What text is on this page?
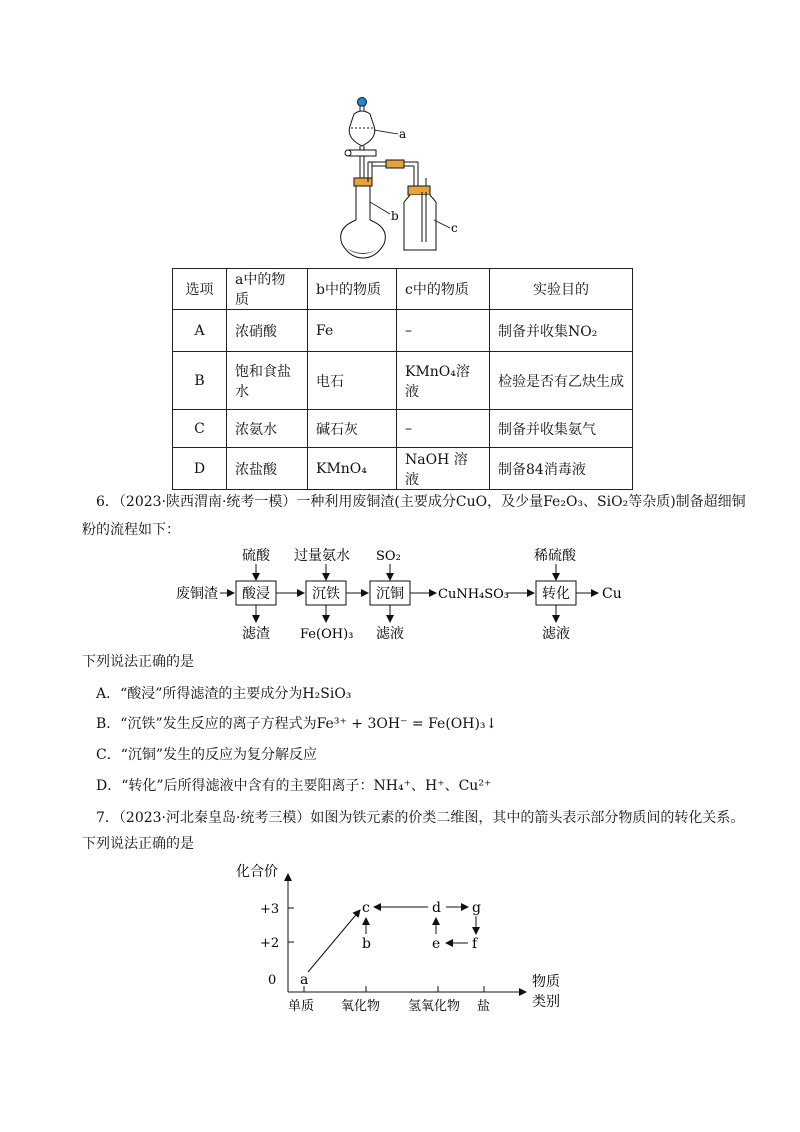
a
b
c
选项	a中的物质	b中的物质	c中的物质	实验目的
A	浓硝酸	Fe	–	制备并收集NO₂
B	饱和食盐水	电石	KMnO₄溶液	检验是否有乙炔生成
C	浓氨水	碱石灰	–	制备并收集氨气
D	浓盐酸	KMnO₄	NaOH 溶液	制备84消毒液
6．（2023·陕西渭南·统考一模）一种利用废铜渣(主要成分CuO，及少量Fe₂O₃、SiO₂等杂质)制备超细铜
粉的流程如下：
废铜渣 酸浸
硫酸
滤渣
沉铁
过量氨水
Fe(OH)₃
沉铜
SO₂
滤液
CuNH₄SO₃ 转化
稀硫酸
滤液
Cu
下列说法正确的是
A．“酸浸”所得滤渣的主要成分为H₂SiO₃
B．“沉铁”发生反应的离子方程式为Fe³⁺ + 3OH⁻ = Fe(OH)₃↓
C．“沉铜”发生的反应为复分解反应
D．“转化”后所得滤液中含有的主要阳离子：NH₄⁺、H⁺、Cu²⁺
7．（2023·河北秦皇岛·统考三模）如图为铁元素的价类二维图，其中的箭头表示部分物质间的转化关系。
下列说法正确的是
化合价
物质
类别
+3
+2
0
单质 氧化物 氢氧化物 盐
a
b
c	d
e f
g
